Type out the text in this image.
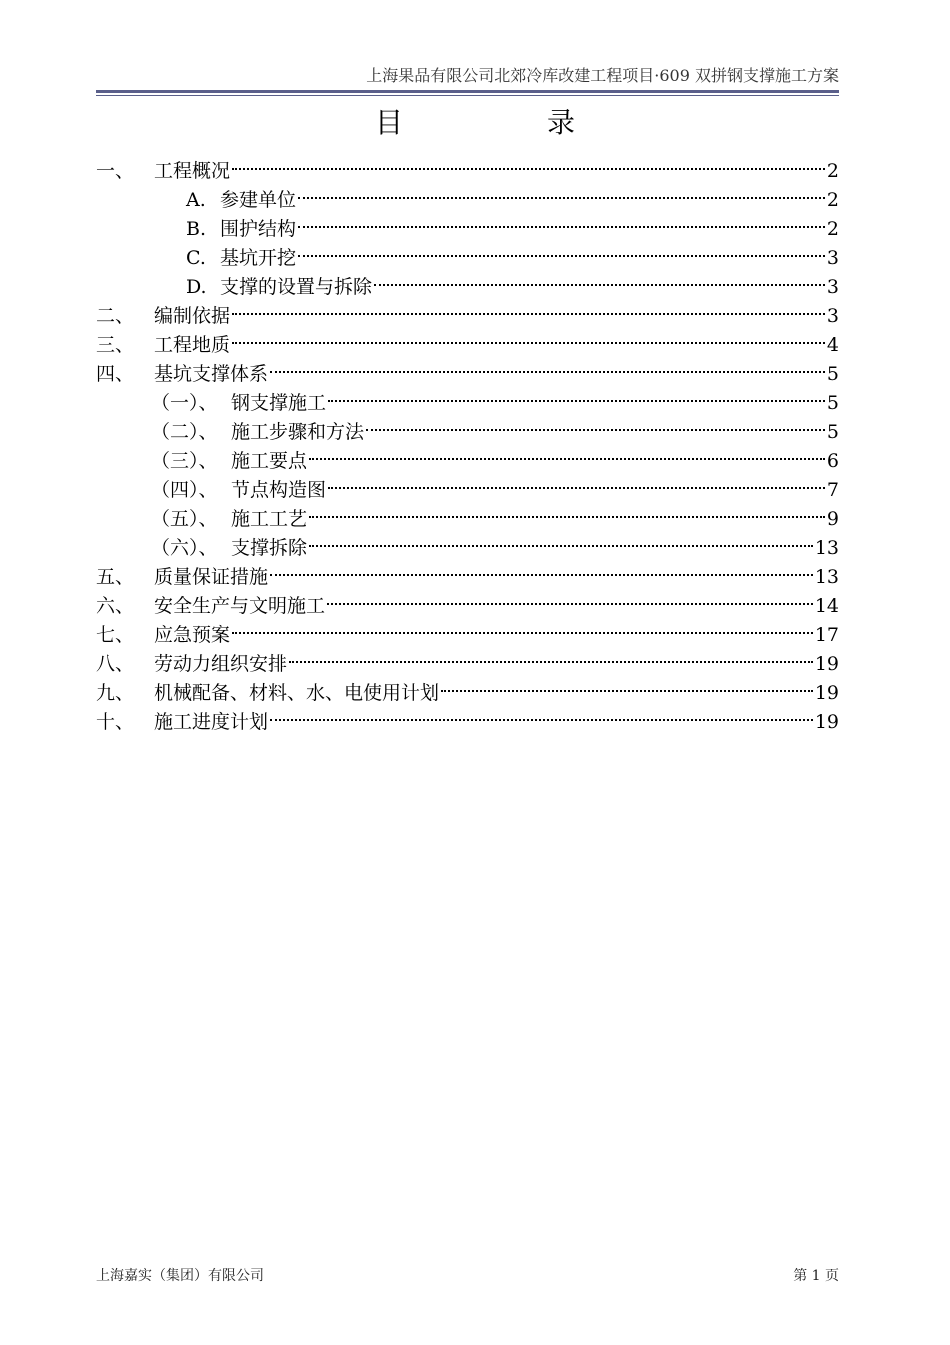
上海果品有限公司北郊冷库改建工程项目·609 双拼钢支撑施工方案
目	录
一、	工程概况	2
A. 参建单位	2
B. 围护结构	2
C. 基坑开挖	3
D. 支撑的设置与拆除	3
二、	编制依据	3
三、	工程地质	4
四、	基坑支撑体系	5
（一）、 钢支撑施工	5
（二）、 施工步骤和方法	5
（三）、 施工要点	6
（四）、 节点构造图	7
（五）、 施工工艺	9
（六）、 支撑拆除	13
五、	质量保证措施	13
六、	安全生产与文明施工	14
七、	应急预案	17
八、	劳动力组织安排	19
九、	机械配备、材料、水、电使用计划	19
十、	施工进度计划	19
上海嘉实（集团）有限公司	第 1 页
